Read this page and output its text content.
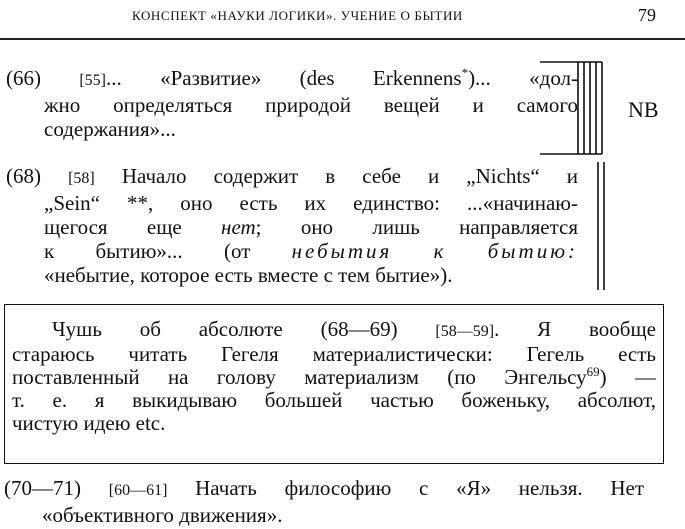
КОНСПЕКТ «НАУКИ ЛОГИКИ». УЧЕНИЕ О БЫТИИ	79
(66) [55]... «Развитие» (des Erkennens*)... «дол-
жно определяться природой вещей и самого
содержания»...
NB
(68) [58] Начало содержит в себе и „Nichts“ и
„Sein“ **, оно есть их единство: ...«начинаю-
щегося еще нет; оно лишь направляется
к бытию»... (от небытия к бытию:
«небытие, которое есть вместе с тем бытие»).
Чушь об абсолюте (68—69) [58—59]. Я вообще
стараюсь читать Гегеля материалистически: Гегель есть
поставленный на голову материализм (по Энгельсу$^{69}$) —
т. е. я выкидываю большей частью боженьку, абсолют,
чистую идею etc.
(70—71) [60—61] Начать философию с «Я» нельзя. Нет
«объективного движения».
